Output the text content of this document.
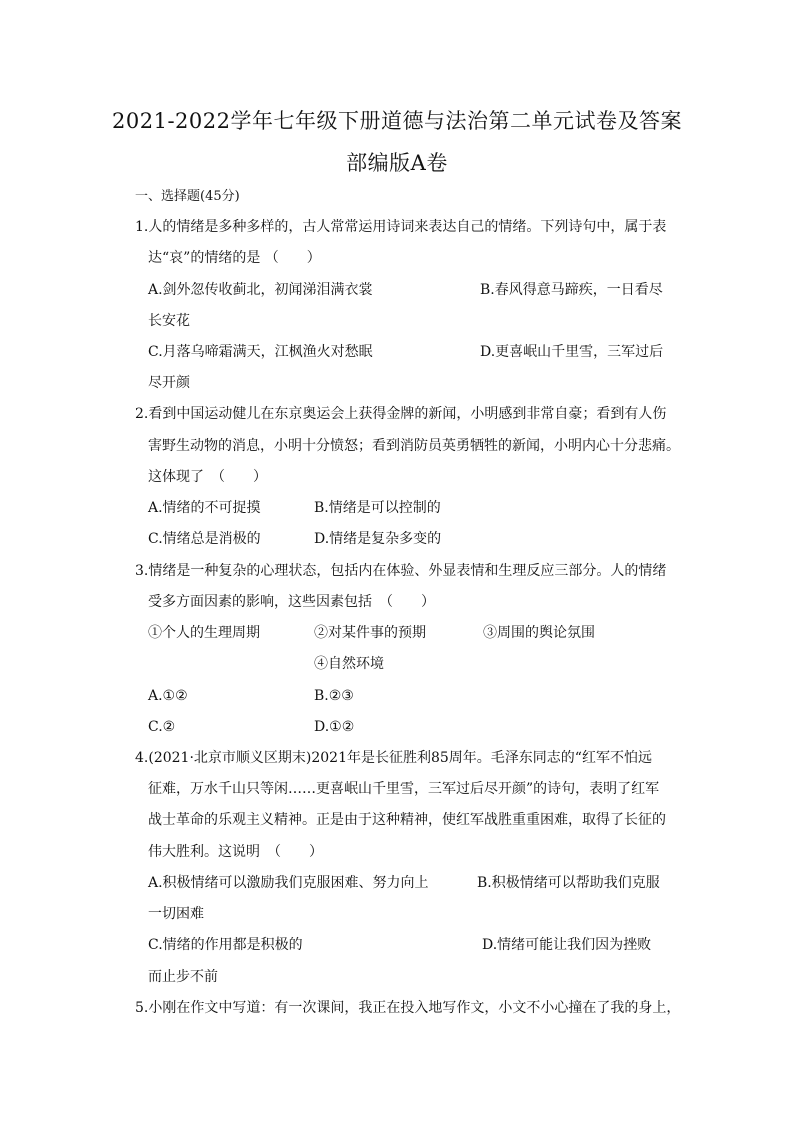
2021-2022学年七年级下册道德与法治第二单元试卷及答案
部编版A卷
一、选择题(45分)
1.人的情绪是多种多样的，古人常常运用诗词来表达自己的情绪。下列诗句中，属于表
达“哀”的情绪的是 （　　）
A.剑外忽传收蓟北，初闻涕泪满衣裳	B.春风得意马蹄疾，一日看尽
长安花
C.月落乌啼霜满天，江枫渔火对愁眠	D.更喜岷山千里雪，三军过后
尽开颜
2.看到中国运动健儿在东京奥运会上获得金牌的新闻，小明感到非常自豪；看到有人伤
害野生动物的消息，小明十分愤怒；看到消防员英勇牺牲的新闻，小明内心十分悲痛。
这体现了　（　　）
A.情绪的不可捉摸	B.情绪是可以控制的
C.情绪总是消极的	D.情绪是复杂多变的
3.情绪是一种复杂的心理状态，包括内在体验、外显表情和生理反应三部分。人的情绪
受多方面因素的影响，这些因素包括　（　　）
①个人的生理周期	②对某件事的预期	③周围的舆论氛围
④自然环境
A.①②	B.②③
C.②	D.①②
4.(2021·北京市顺义区期末)2021年是长征胜利85周年。毛泽东同志的“红军不怕远
征难，万水千山只等闲……更喜岷山千里雪，三军过后尽开颜”的诗句，表明了红军
战士革命的乐观主义精神。正是由于这种精神，使红军战胜重重困难，取得了长征的
伟大胜利。这说明　（　　）
A.积极情绪可以激励我们克服困难、努力向上	B.积极情绪可以帮助我们克服
一切困难
C.情绪的作用都是积极的	D.情绪可能让我们因为挫败
而止步不前
5.小刚在作文中写道：有一次课间，我正在投入地写作文，小文不小心撞在了我的身上，
